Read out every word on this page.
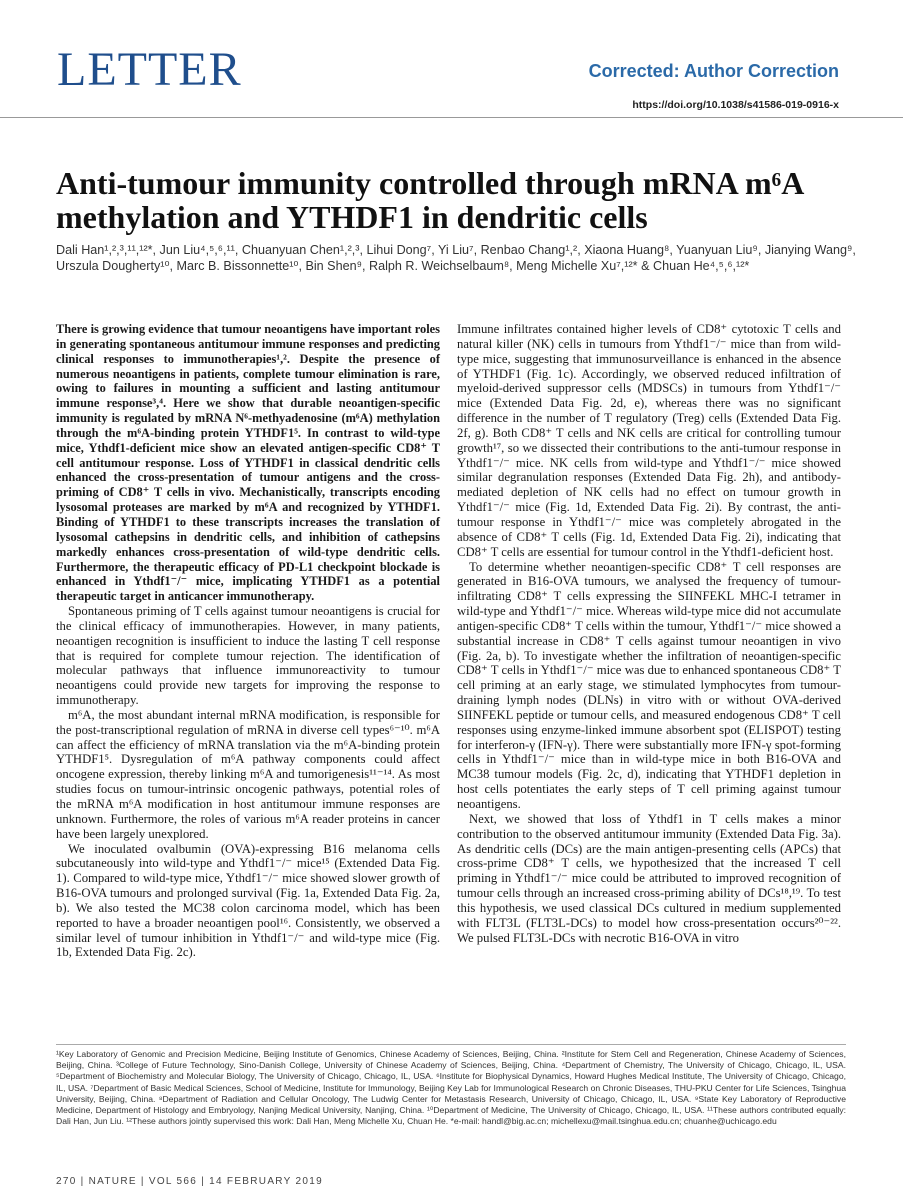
LETTER	Corrected: Author Correction
https://doi.org/10.1038/s41586-019-0916-x
Anti-tumour immunity controlled through mRNA m⁶A methylation and YTHDF1 in dendritic cells
Dali Han¹,²,³,¹¹,¹²*, Jun Liu⁴,⁵,⁶,¹¹, Chuanyuan Chen¹,²,³, Lihui Dong⁷, Yi Liu⁷, Renbao Chang¹,², Xiaona Huang⁸, Yuanyuan Liu⁹, Jianying Wang⁹, Urszula Dougherty¹⁰, Marc B. Bissonnette¹⁰, Bin Shen⁹, Ralph R. Weichselbaum⁸, Meng Michelle Xu⁷,¹²* & Chuan He⁴,⁵,⁶,¹²*

There is growing evidence that tumour neoantigens have important roles in generating spontaneous antitumour immune responses and predicting clinical responses to immunotherapies¹,². Despite the presence of numerous neoantigens in patients, complete tumour elimination is rare, owing to failures in mounting a sufficient and lasting antitumour immune response³,⁴. Here we show that durable neoantigen-specific immunity is regulated by mRNA N⁶-methyadenosine (m⁶A) methylation through the m⁶A-binding protein YTHDF1⁵. In contrast to wild-type mice, Ythdf1-deficient mice show an elevated antigen-specific CD8⁺ T cell antitumour response. Loss of YTHDF1 in classical dendritic cells enhanced the cross-presentation of tumour antigens and the cross-priming of CD8⁺ T cells in vivo. Mechanistically, transcripts encoding lysosomal proteases are marked by m⁶A and recognized by YTHDF1. Binding of YTHDF1 to these transcripts increases the translation of lysosomal cathepsins in dendritic cells, and inhibition of cathepsins markedly enhances cross-presentation of wild-type dendritic cells. Furthermore, the therapeutic efficacy of PD-L1 checkpoint blockade is enhanced in Ythdf1⁻/⁻ mice, implicating YTHDF1 as a potential therapeutic target in anticancer immunotherapy.

Spontaneous priming of T cells against tumour neoantigens is crucial for the clinical efficacy of immunotherapies. However, in many patients, neoantigen recognition is insufficient to induce the lasting T cell response that is required for complete tumour rejection. The identification of molecular pathways that influence immunoreactivity to tumour neoantigens could provide new targets for improving the response to immunotherapy.

m⁶A, the most abundant internal mRNA modification, is responsible for the post-transcriptional regulation of mRNA in diverse cell types⁶⁻¹⁰. m⁶A can affect the efficiency of mRNA translation via the m⁶A-binding protein YTHDF1⁵. Dysregulation of m⁶A pathway components could affect oncogene expression, thereby linking m⁶A and tumorigenesis¹¹⁻¹⁴. As most studies focus on tumour-intrinsic oncogenic pathways, potential roles of the mRNA m⁶A modification in host antitumour immune responses are unknown. Furthermore, the roles of various m⁶A reader proteins in cancer have been largely unexplored.

We inoculated ovalbumin (OVA)-expressing B16 melanoma cells subcutaneously into wild-type and Ythdf1⁻/⁻ mice¹⁵ (Extended Data Fig. 1). Compared to wild-type mice, Ythdf1⁻/⁻ mice showed slower growth of B16-OVA tumours and prolonged survival (Fig. 1a, Extended Data Fig. 2a, b). We also tested the MC38 colon carcinoma model, which has been reported to have a broader neoantigen pool¹⁶. Consistently, we observed a similar level of tumour inhibition in Ythdf1⁻/⁻ and wild-type mice (Fig. 1b, Extended Data Fig. 2c).

Immune infiltrates contained higher levels of CD8⁺ cytotoxic T cells and natural killer (NK) cells in tumours from Ythdf1⁻/⁻ mice than from wild-type mice, suggesting that immunosurveillance is enhanced in the absence of YTHDF1 (Fig. 1c). Accordingly, we observed reduced infiltration of myeloid-derived suppressor cells (MDSCs) in tumours from Ythdf1⁻/⁻ mice (Extended Data Fig. 2d, e), whereas there was no significant difference in the number of T regulatory (Treg) cells (Extended Data Fig. 2f, g). Both CD8⁺ T cells and NK cells are critical for controlling tumour growth¹⁷, so we dissected their contributions to the anti-tumour response in Ythdf1⁻/⁻ mice. NK cells from wild-type and Ythdf1⁻/⁻ mice showed similar degranulation responses (Extended Data Fig. 2h), and antibody-mediated depletion of NK cells had no effect on tumour growth in Ythdf1⁻/⁻ mice (Fig. 1d, Extended Data Fig. 2i). By contrast, the anti-tumour response in Ythdf1⁻/⁻ mice was completely abrogated in the absence of CD8⁺ T cells (Fig. 1d, Extended Data Fig. 2i), indicating that CD8⁺ T cells are essential for tumour control in the Ythdf1-deficient host.

To determine whether neoantigen-specific CD8⁺ T cell responses are generated in B16-OVA tumours, we analysed the frequency of tumour-infiltrating CD8⁺ T cells expressing the SIINFEKL MHC-I tetramer in wild-type and Ythdf1⁻/⁻ mice. Whereas wild-type mice did not accumulate antigen-specific CD8⁺ T cells within the tumour, Ythdf1⁻/⁻ mice showed a substantial increase in CD8⁺ T cells against tumour neoantigen in vivo (Fig. 2a, b). To investigate whether the infiltration of neoantigen-specific CD8⁺ T cells in Ythdf1⁻/⁻ mice was due to enhanced spontaneous CD8⁺ T cell priming at an early stage, we stimulated lymphocytes from tumour-draining lymph nodes (DLNs) in vitro with or without OVA-derived SIINFEKL peptide or tumour cells, and measured endogenous CD8⁺ T cell responses using enzyme-linked immune absorbent spot (ELISPOT) testing for interferon-γ (IFN-γ). There were substantially more IFN-γ spot-forming cells in Ythdf1⁻/⁻ mice than in wild-type mice in both B16-OVA and MC38 tumour models (Fig. 2c, d), indicating that YTHDF1 depletion in host cells potentiates the early steps of T cell priming against tumour neoantigens.

Next, we showed that loss of Ythdf1 in T cells makes a minor contribution to the observed antitumour immunity (Extended Data Fig. 3a). As dendritic cells (DCs) are the main antigen-presenting cells (APCs) that cross-prime CD8⁺ T cells, we hypothesized that the increased T cell priming in Ythdf1⁻/⁻ mice could be attributed to improved recognition of tumour cells through an increased cross-priming ability of DCs¹⁸,¹⁹. To test this hypothesis, we used classical DCs cultured in medium supplemented with FLT3L (FLT3L-DCs) to model how cross-presentation occurs²⁰⁻²². We pulsed FLT3L-DCs with necrotic B16-OVA in vitro

¹Key Laboratory of Genomic and Precision Medicine, Beijing Institute of Genomics, Chinese Academy of Sciences, Beijing, China. ²Institute for Stem Cell and Regeneration, Chinese Academy of Sciences, Beijing, China. ³College of Future Technology, Sino-Danish College, University of Chinese Academy of Sciences, Beijing, China. ⁴Department of Chemistry, The University of Chicago, Chicago, IL, USA. ⁵Department of Biochemistry and Molecular Biology, The University of Chicago, Chicago, IL, USA. ⁶Institute for Biophysical Dynamics, Howard Hughes Medical Institute, The University of Chicago, Chicago, IL, USA. ⁷Department of Basic Medical Sciences, School of Medicine, Institute for Immunology, Beijing Key Lab for Immunological Research on Chronic Diseases, THU-PKU Center for Life Sciences, Tsinghua University, Beijing, China. ⁸Department of Radiation and Cellular Oncology, The Ludwig Center for Metastasis Research, University of Chicago, Chicago, IL, USA. ⁹State Key Laboratory of Reproductive Medicine, Department of Histology and Embryology, Nanjing Medical University, Nanjing, China. ¹⁰Department of Medicine, The University of Chicago, Chicago, IL, USA. ¹¹These authors contributed equally: Dali Han, Jun Liu. ¹²These authors jointly supervised this work: Dali Han, Meng Michelle Xu, Chuan He. *e-mail: handl@big.ac.cn; michellexu@mail.tsinghua.edu.cn; chuanhe@uchicago.edu
270 | NATURE | VOL 566 | 14 FEBRUARY 2019
